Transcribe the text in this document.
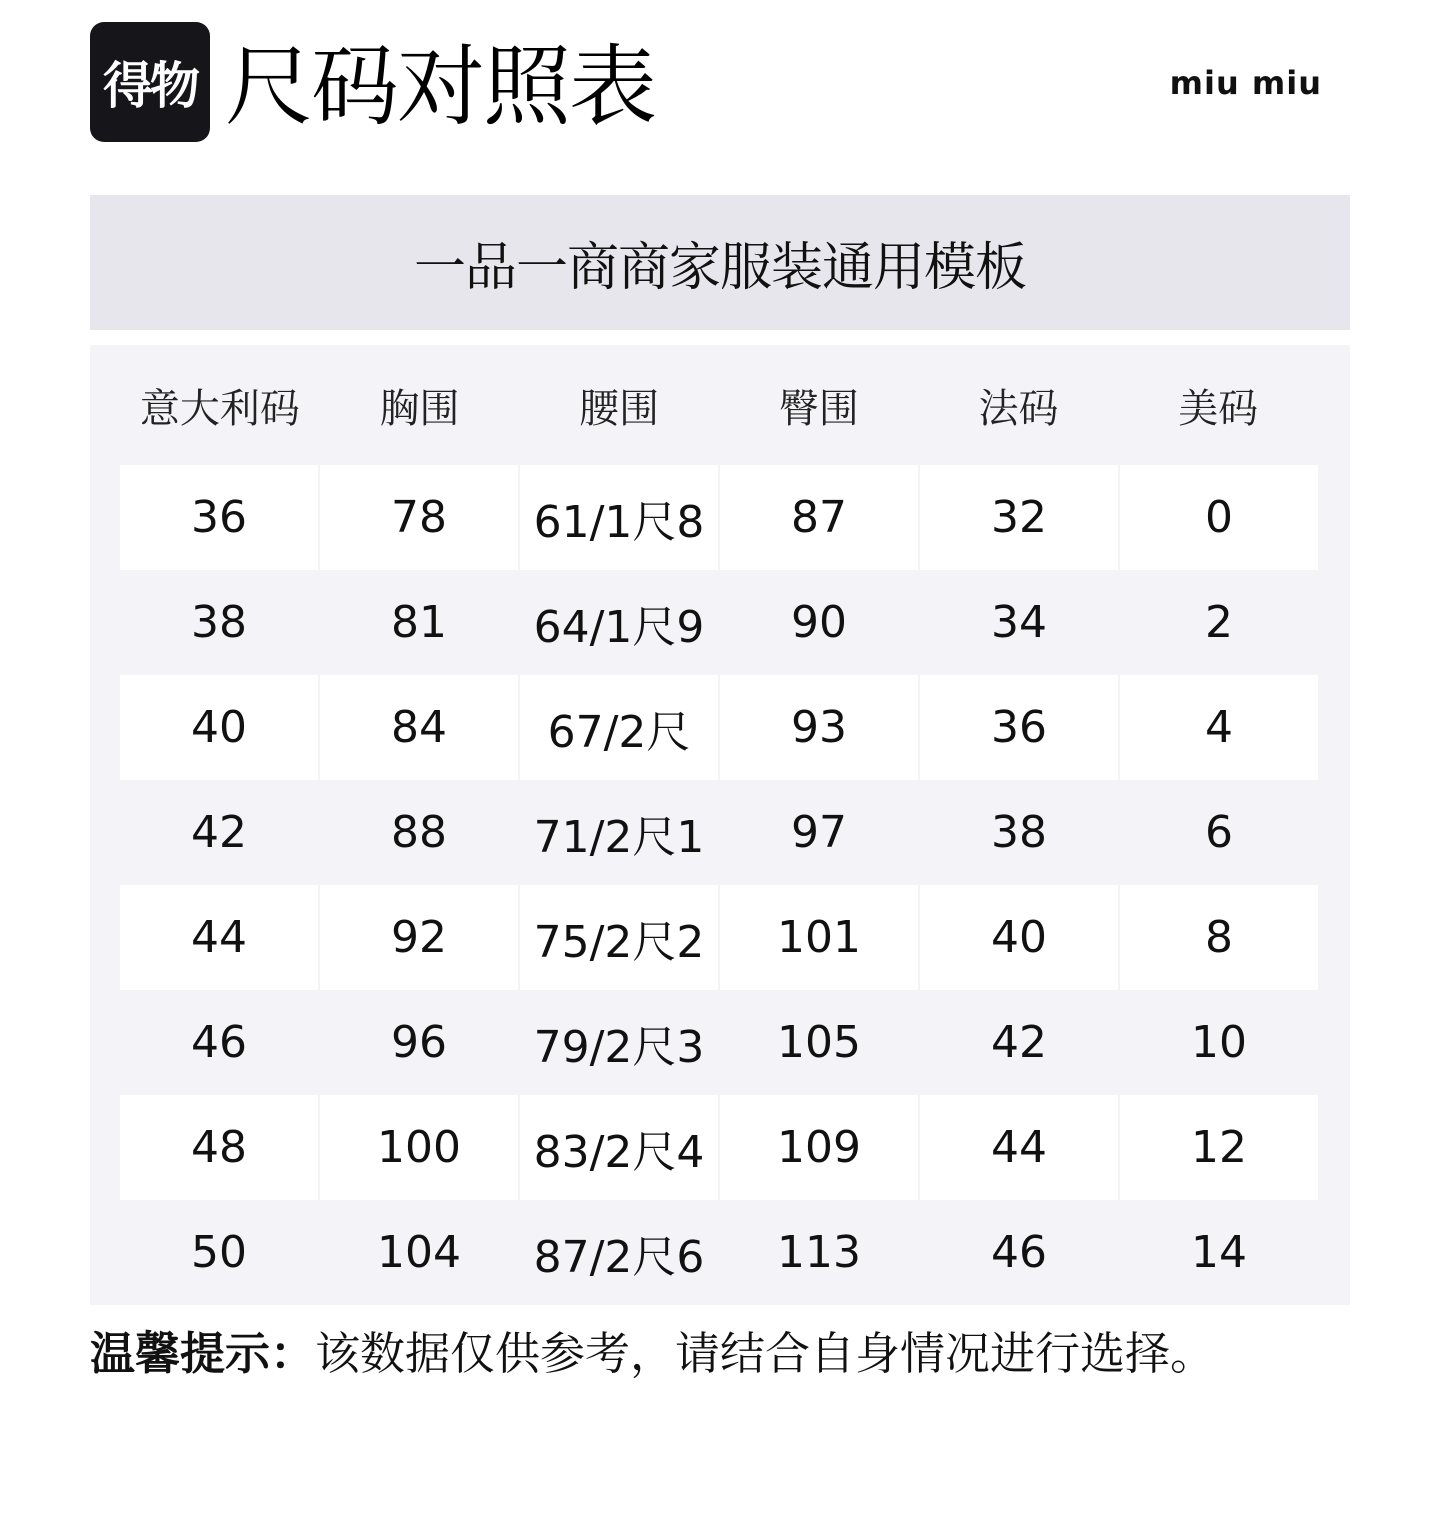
得物 尺码对照表	miu miu
一品一商商家服装通用模板
意大利码	胸围	腰围	臀围	法码	美码
36	78	61/1尺8	87	32	0
38	81	64/1尺9	90	34	2
40	84	67/2尺	93	36	4
42	88	71/2尺1	97	38	6
44	92	75/2尺2	101	40	8
46	96	79/2尺3	105	42	10
48	100	83/2尺4	109	44	12
50	104	87/2尺6	113	46	14
温馨提示：该数据仅供参考，请结合自身情况进行选择。
